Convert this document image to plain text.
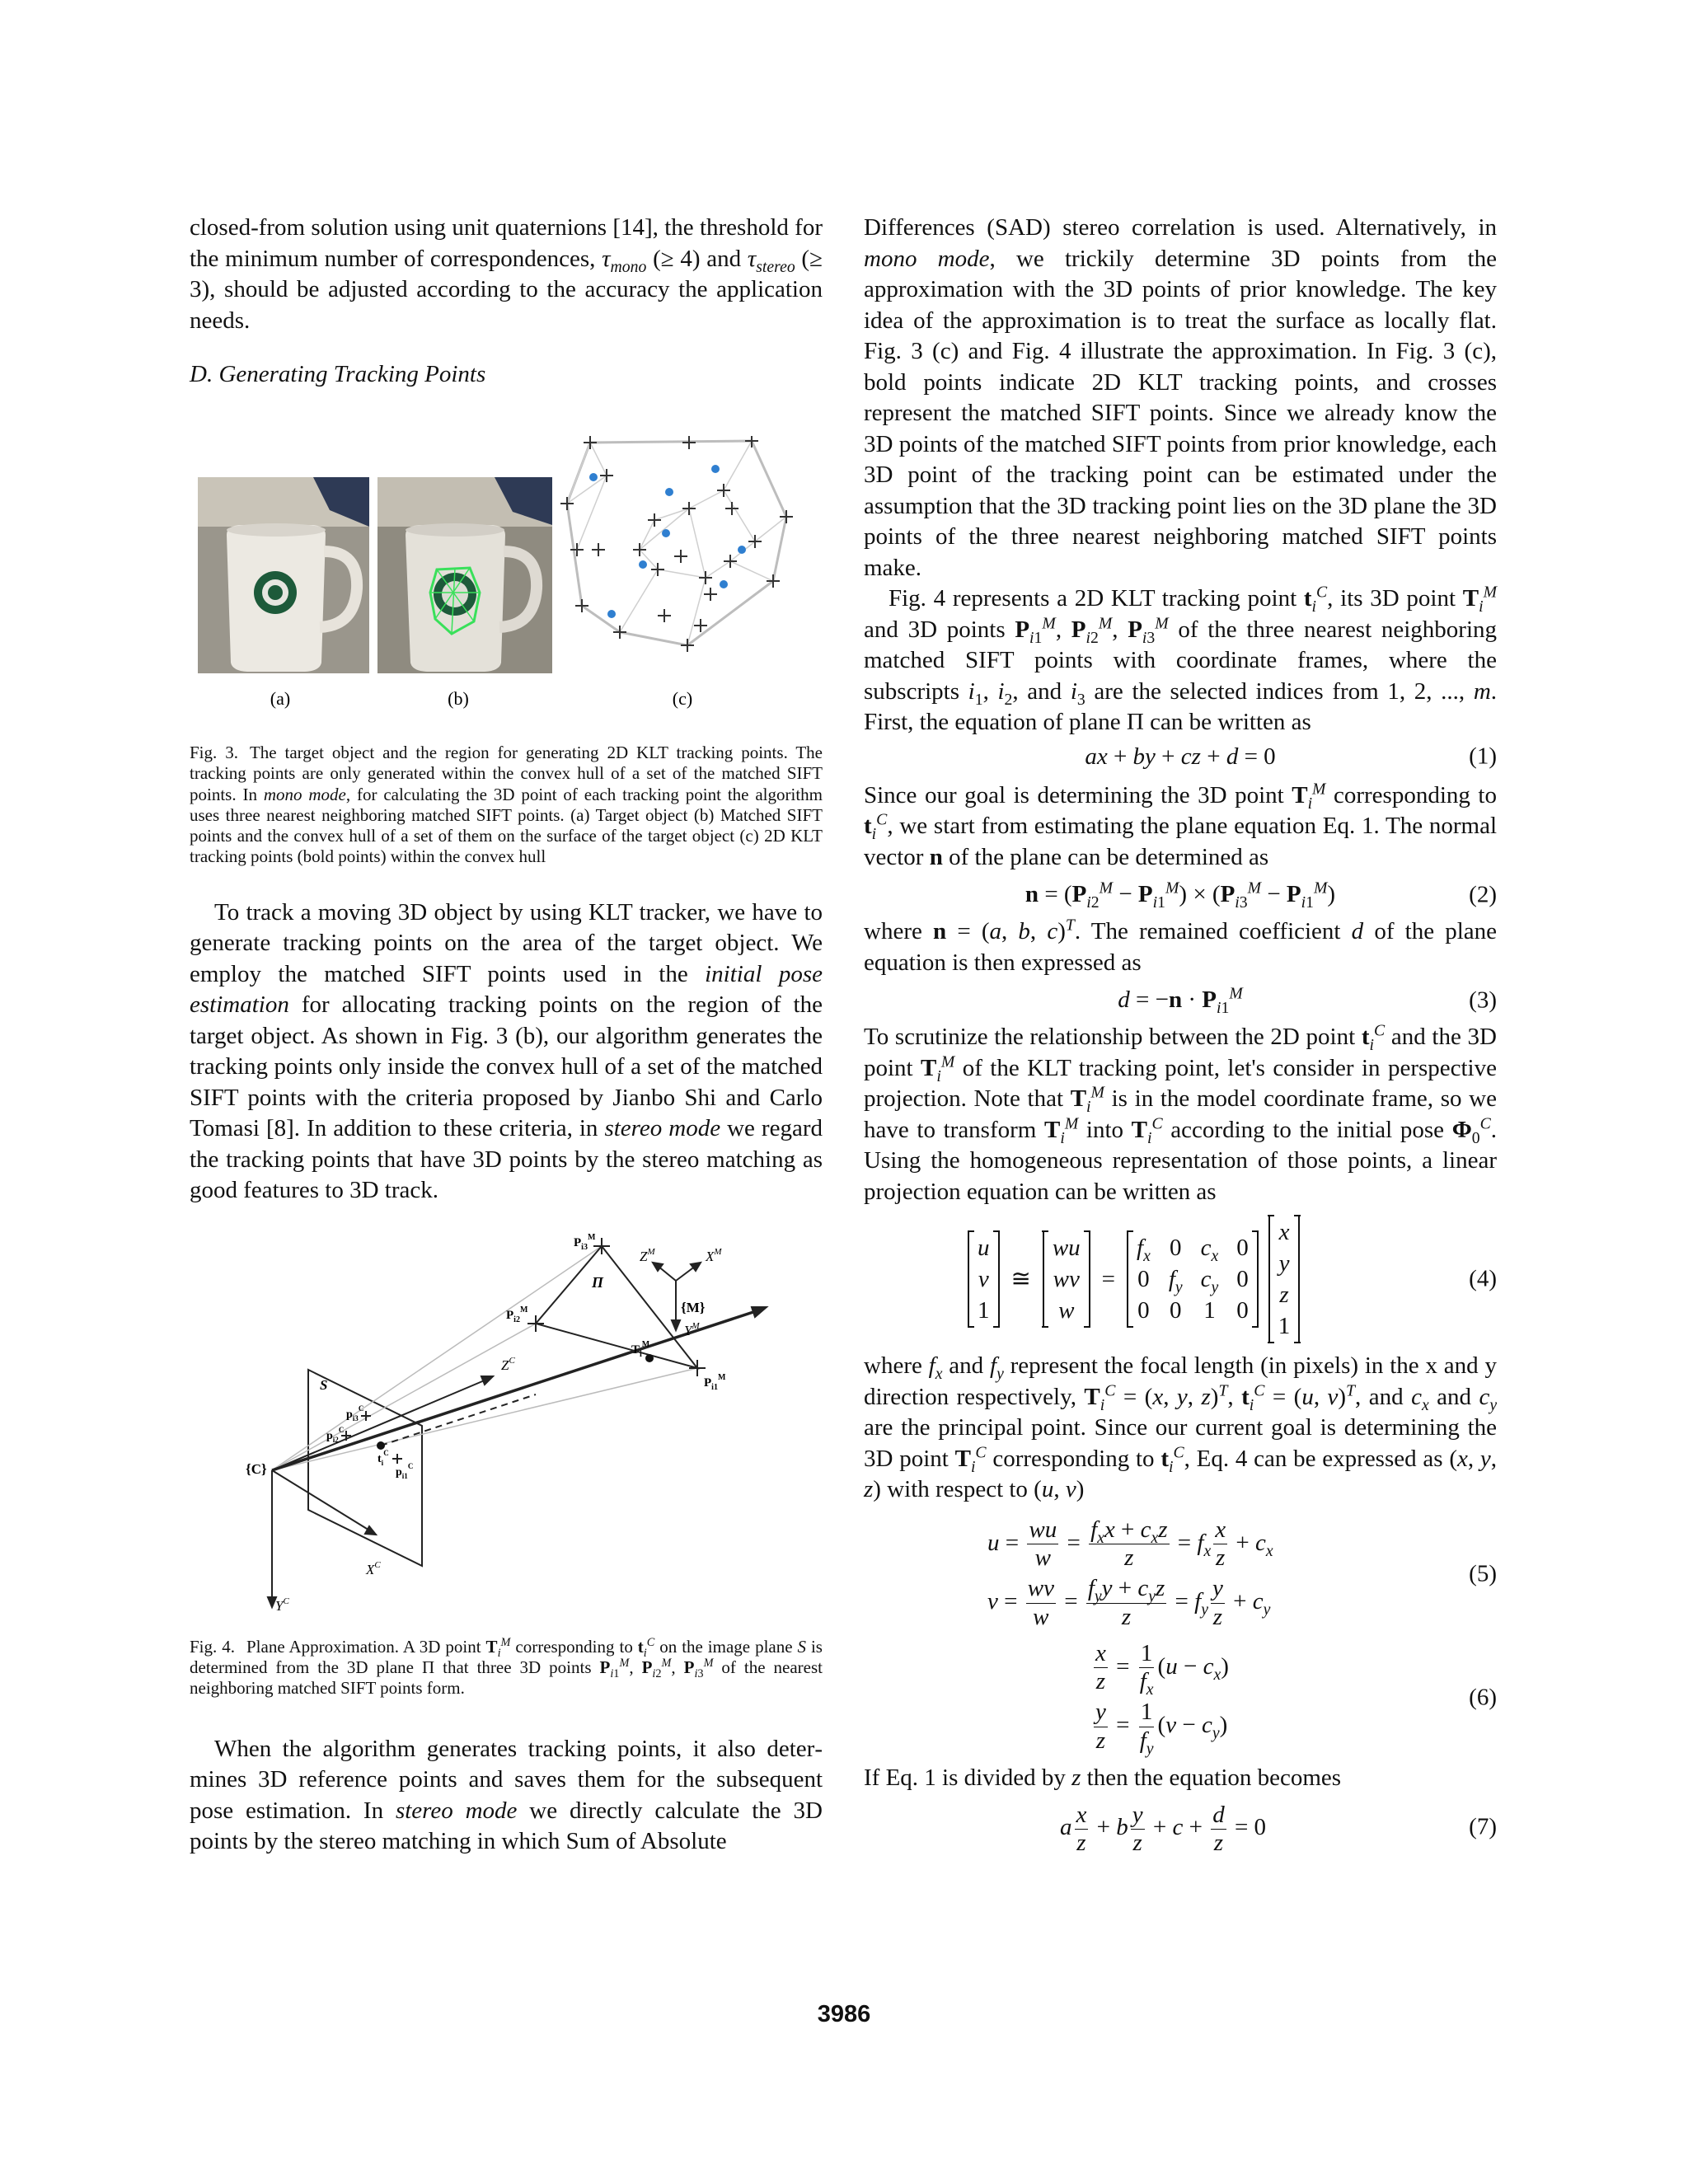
closed-from solution using unit quaternions [14], the threshold for the minimum number of correspondences, $\tau_{mono}$ (≥ 4) and $\tau_{stereo}$ (≥ 3), should be adjusted according to the accuracy the application needs.

D. Generating Tracking Points
(a)	(b)	(c)

Fig. 3. The target object and the region for generating 2D KLT tracking points. The tracking points are only generated within the convex hull of a set of the matched SIFT points. In mono mode, for calculating the 3D point of each tracking point the algorithm uses three nearest neighboring matched SIFT points. (a) Target object (b) Matched SIFT points and the convex hull of a set of them on the surface of the target object (c) 2D KLT tracking points (bold points) within the convex hull

To track a moving 3D object by using KLT tracker, we have to generate tracking points on the area of the target object. We employ the matched SIFT points used in the initial pose estimation for allocating tracking points on the region of the target object. As shown in Fig. 3 (b), our algorithm generates the tracking points only inside the convex hull of a set of the matched SIFT points with the criteria proposed by Jianbo Shi and Carlo Tomasi [8]. In addition to these criteria, in stereo mode we regard the tracking points that have 3D points by the stereo matching as good features to 3D track.

S
{C}
{M}
Π
$X^C$
$Y^C$
$Z^C$
$X^M$
$Y^M$
$Z^M$
$P_{i3}^M$
$P_{i2}^M$
$P_{i1}^M$
$T_i^M$
$p_{i3}^C$
$p_{i2}^C$
$p_{i1}^C$
$t_i^C$

Fig. 4. Plane Approximation. A 3D point $T_i^M$ corresponding to $t_i^C$ on the image plane S is determined from the 3D plane Π that three 3D points $P_{i1}^M$, $P_{i2}^M$, $P_{i3}^M$ of the nearest neighboring matched SIFT points form.

When the algorithm generates tracking points, it also determines 3D reference points and saves them for the subsequent pose estimation. In stereo mode we directly calculate the 3D points by the stereo matching in which Sum of Absolute

Differences (SAD) stereo correlation is used. Alternatively, in mono mode, we trickily determine 3D points from the approximation with the 3D points of prior knowledge. The key idea of the approximation is to treat the surface as locally flat. Fig. 3 (c) and Fig. 4 illustrate the approximation. In Fig. 3 (c), bold points indicate 2D KLT tracking points, and crosses represent the matched SIFT points. Since we already know the 3D points of the matched SIFT points from prior knowledge, each 3D point of the tracking point can be estimated under the assumption that the 3D tracking point lies on the 3D plane the 3D points of the three nearest neighboring matched SIFT points make.

Fig. 4 represents a 2D KLT tracking point $t_i^C$, its 3D point $T_i^M$ and 3D points $P_{i1}^M$, $P_{i2}^M$, $P_{i3}^M$ of the three nearest neighboring matched SIFT points with coordinate frames, where the subscripts $i_1$, $i_2$, and $i_3$ are the selected indices from 1, 2, ..., m. First, the equation of plane Π can be written as

ax + by + cz + d = 0	(1)

Since our goal is determining the 3D point $T_i^M$ corresponding to $t_i^C$, we start from estimating the plane equation Eq. 1. The normal vector n of the plane can be determined as

$n = (P_{i2}^M - P_{i1}^M) \times (P_{i3}^M - P_{i1}^M)$	(2)

where n = (a, b, c)$^T$. The remained coefficient d of the plane equation is then expressed as

$d = -n \cdot P_{i1}^M$	(3)

To scrutinize the relationship between the 2D point $t_i^C$ and the 3D point $T_i^M$ of the KLT tracking point, let's consider in perspective projection. Note that $T_i^M$ is in the model coordinate frame, so we have to transform $T_i^M$ into $T_i^C$ according to the initial pose $\Phi_0^C$. Using the homogeneous representation of those points, a linear projection equation can be written as

u
v
1
≅
wu
wv
w
=
$f_x$ 0 $c_x$ 0
0 $f_y$ $c_y$ 0
0 0 1 0
x
y
z
1
(4)

where $f_x$ and $f_y$ represent the focal length (in pixels) in the x and y direction respectively, $T_i^C = (x$, y, z)$^T$, $t_i^C = (u$, v)$^T$, and $c_x$ and $c_y$ are the principal point. Since our current goal is determining the 3D point $T_i^C$ corresponding to $t_i^C$, Eq. 4 can be expressed as (x, y, z) with respect to (u, v)

$u = \frac{wu}{w} = \frac{f_xx + c_xz}{z} = f_x \frac{x}{z} + c_x$
$v = \frac{wv}{w} = \frac{f_yy + c_yz}{z} = f_y \frac{y}{z} + c_y$
(5)
$\frac{x}{z} = \frac{1}{f_x} (u - c_x)$
$\frac{y}{z} = \frac{1}{f_y} (v - c_y)$
(6)

If Eq. 1 is divided by z then the equation becomes

a $\frac{x}{z} + b \frac{y}{z} + c + \frac{d}{z} = 0$	(7)
3986
